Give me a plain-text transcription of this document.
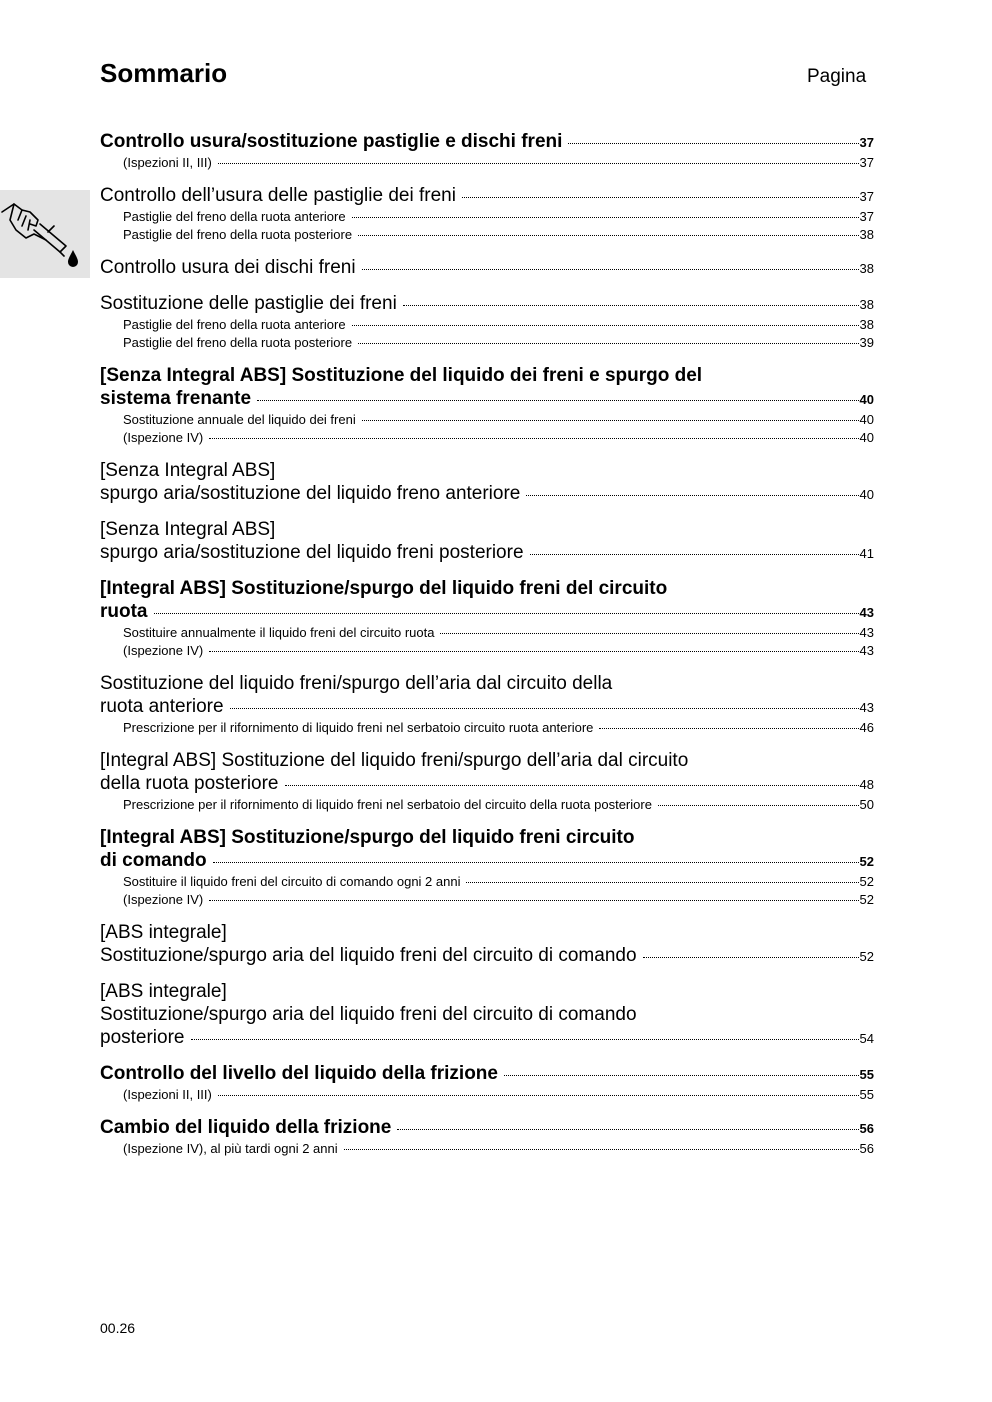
Sommario	Pagina
Controllo usura/sostituzione pastiglie e dischi freni	37
(Ispezioni II, III)	37
Controllo dell’usura delle pastiglie dei freni	37
Pastiglie del freno della ruota anteriore	37
Pastiglie del freno della ruota posteriore	38
Controllo usura dei dischi freni	38
Sostituzione delle pastiglie dei freni	38
Pastiglie del freno della ruota anteriore	38
Pastiglie del freno della ruota posteriore	39
[Senza Integral ABS] Sostituzione del liquido dei freni e spurgo del
sistema frenante	40
Sostituzione annuale del liquido dei freni	40
(Ispezione IV)	40
[Senza Integral ABS]
spurgo aria/sostituzione del liquido freno anteriore	40
[Senza Integral ABS]
spurgo aria/sostituzione del liquido freni posteriore	41
[Integral ABS] Sostituzione/spurgo del liquido freni del circuito
ruota	43
Sostituire annualmente il liquido freni del circuito ruota	43
(Ispezione IV)	43
Sostituzione del liquido freni/spurgo dell’aria dal circuito della
ruota anteriore	43
Prescrizione per il rifornimento di liquido freni nel serbatoio circuito ruota anteriore	46
[Integral ABS] Sostituzione del liquido freni/spurgo dell’aria dal circuito
della ruota posteriore	48
Prescrizione per il rifornimento di liquido freni nel serbatoio del circuito della ruota posteriore	50
[Integral ABS] Sostituzione/spurgo del liquido freni circuito
di comando	52
Sostituire il liquido freni del circuito di comando ogni 2 anni	52
(Ispezione IV)	52
[ABS integrale]
Sostituzione/spurgo aria del liquido freni del circuito di comando	52
[ABS integrale]
Sostituzione/spurgo aria del liquido freni del circuito di comando
posteriore	54
Controllo del livello del liquido della frizione	55
(Ispezioni II, III)	55
Cambio del liquido della frizione	56
(Ispezione IV), al più tardi ogni 2 anni	56
00.26
